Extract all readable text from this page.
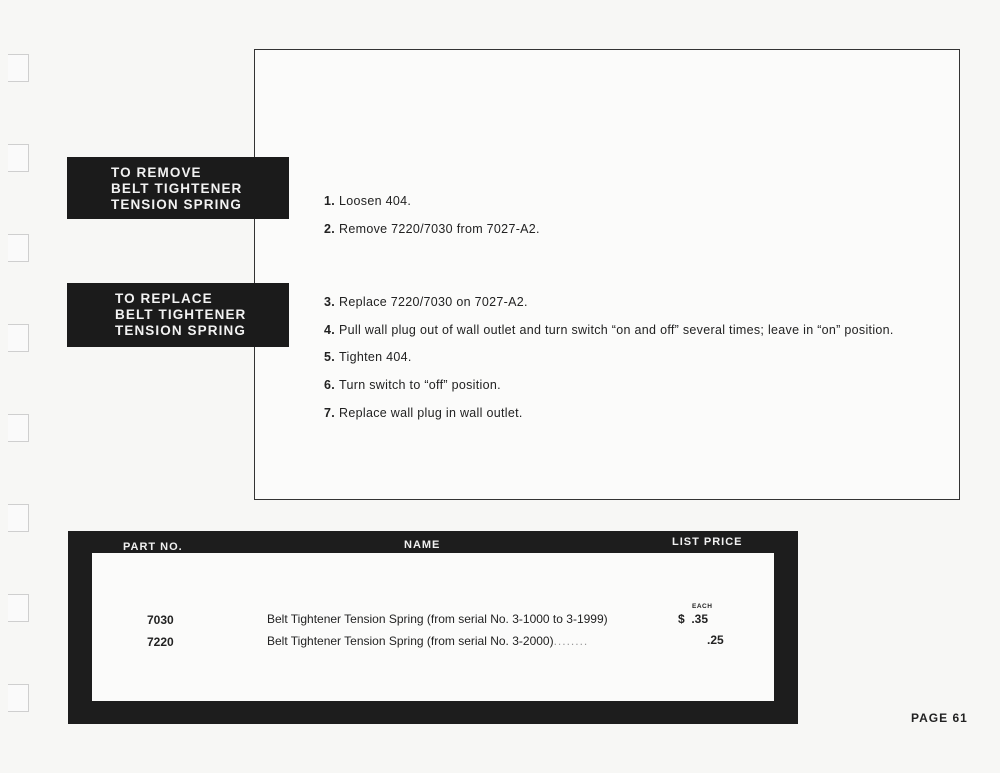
TO REMOVE
BELT TIGHTENER
TENSION SPRING
TO REPLACE
BELT TIGHTENER
TENSION SPRING
1. Loosen 404.
2. Remove 7220/7030 from 7027-A2.
3. Replace 7220/7030 on 7027-A2.
4. Pull wall plug out of wall outlet and turn switch “on and off” several times; leave in “on” position.
5. Tighten 404.
6. Turn switch to “off” position.
7. Replace wall plug in wall outlet.
PART NO.	NAME	LIST PRICE
EACH
7030	Belt Tightener Tension Spring (from serial No. 3-1000 to 3-1999)	$  .35
7220	Belt Tightener Tension Spring (from serial No. 3-2000)........	.25
PAGE 61
